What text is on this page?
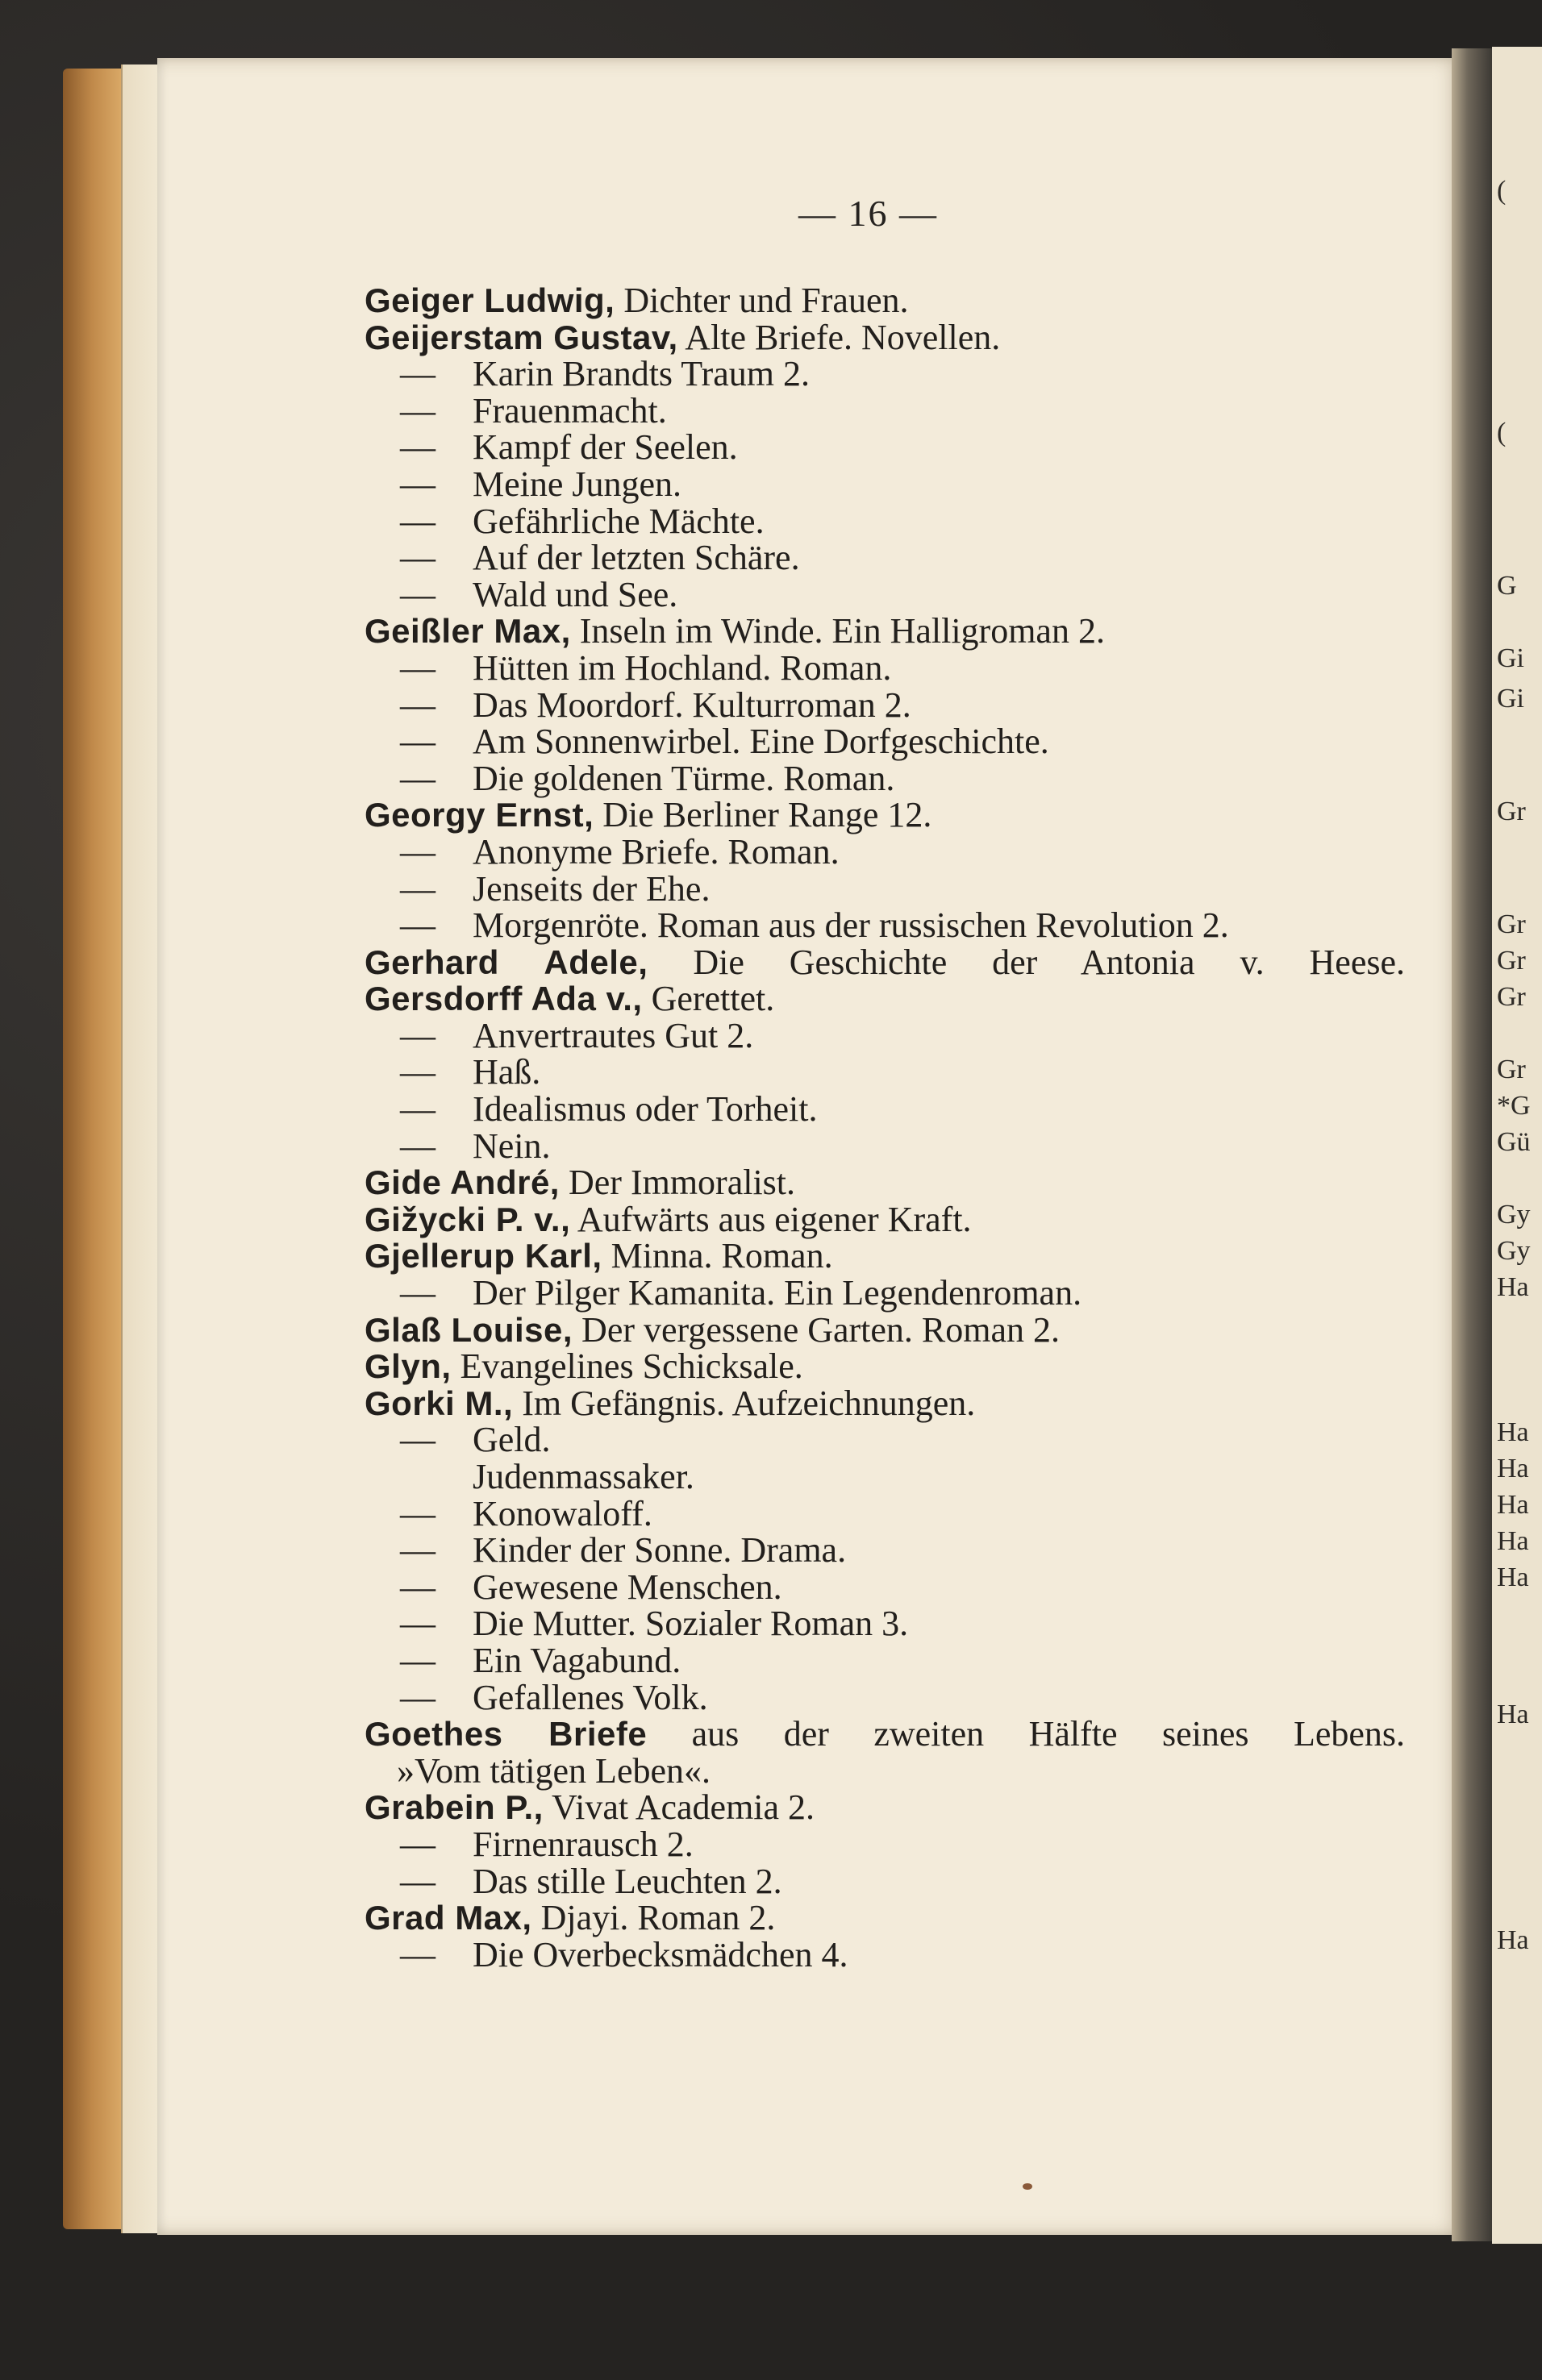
(
(
G
Gi
Gi
Gr
Gr
Gr
Gr
Gr
*G
Gü
Gy
Gy
Ha
Ha
Ha
Ha
Ha
Ha
Ha
Ha
— 16 —
Geiger Ludwig, Dichter und Frauen.
Geijerstam Gustav, Alte Briefe. Novellen.
— Karin Brandts Traum 2.
— Frauenmacht.
— Kampf der Seelen.
— Meine Jungen.
— Gefährliche Mächte.
— Auf der letzten Schäre.
— Wald und See.
Geißler Max, Inseln im Winde. Ein Halligroman 2.
— Hütten im Hochland. Roman.
— Das Moordorf. Kulturroman 2.
— Am Sonnenwirbel. Eine Dorfgeschichte.
— Die goldenen Türme. Roman.
Georgy Ernst, Die Berliner Range 12.
— Anonyme Briefe. Roman.
— Jenseits der Ehe.
— Morgenröte. Roman aus der russischen Revolution 2.
Gerhard Adele, Die Geschichte der Antonia v. Heese.
Gersdorff Ada v., Gerettet.
— Anvertrautes Gut 2.
— Haß.
— Idealismus oder Torheit.
— Nein.
Gide André, Der Immoralist.
Gižycki P. v., Aufwärts aus eigener Kraft.
Gjellerup Karl, Minna. Roman.
— Der Pilger Kamanita. Ein Legendenroman.
Glaß Louise, Der vergessene Garten. Roman 2.
Glyn, Evangelines Schicksale.
Gorki M., Im Gefängnis. Aufzeichnungen.
— Geld.
Judenmassaker.
— Konowaloff.
— Kinder der Sonne. Drama.
— Gewesene Menschen.
— Die Mutter. Sozialer Roman 3.
— Ein Vagabund.
— Gefallenes Volk.
Goethes Briefe aus der zweiten Hälfte seines Lebens.
»Vom tätigen Leben«.
Grabein P., Vivat Academia 2.
— Firnenrausch 2.
— Das stille Leuchten 2.
Grad Max, Djayi. Roman 2.
— Die Overbecksmädchen 4.
